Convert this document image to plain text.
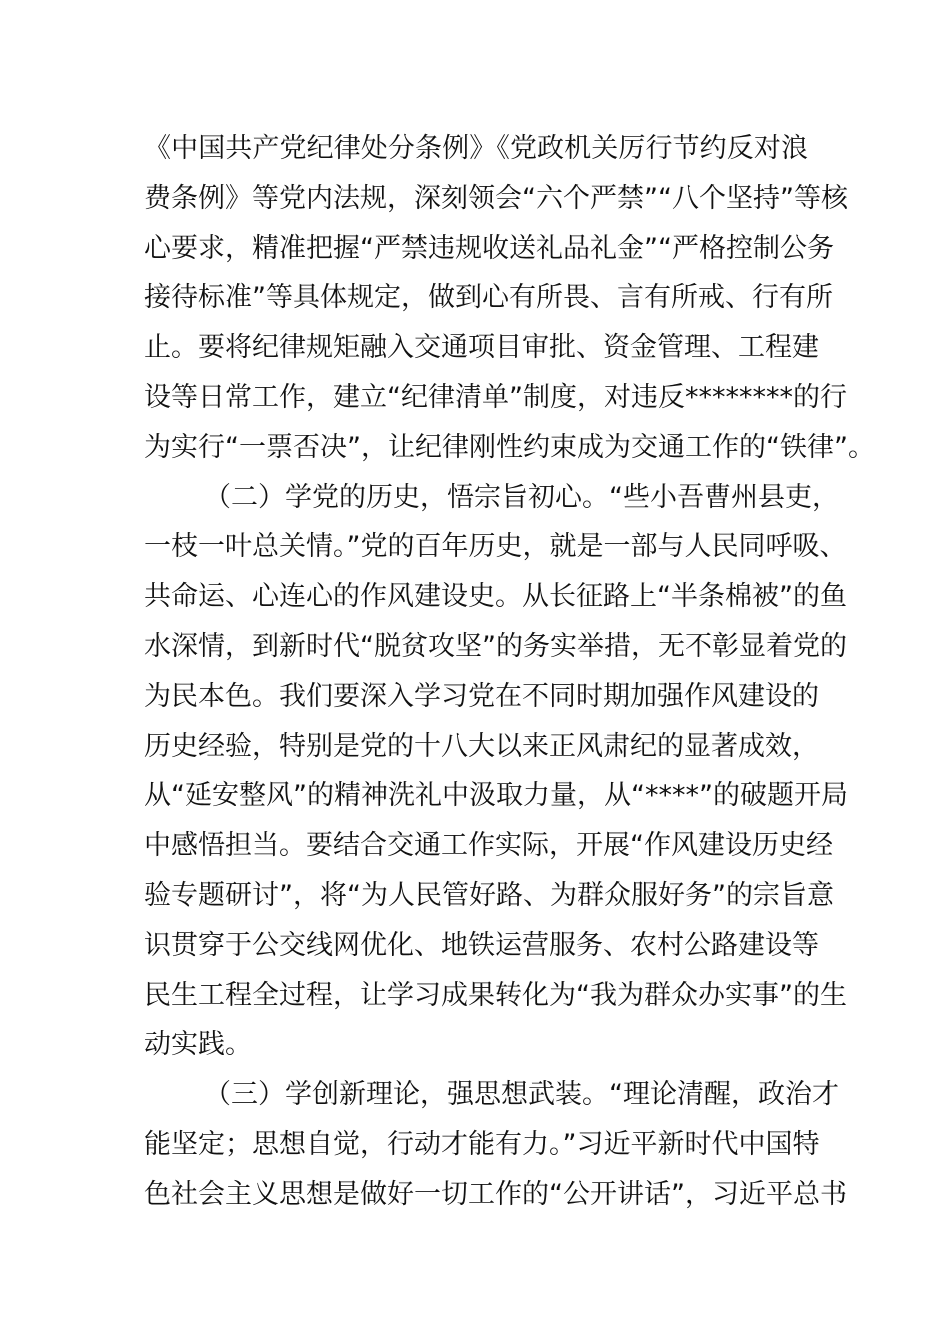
《中国共产党纪律处分条例》《党政机关厉行节约反对浪
费条例》等党内法规，深刻领会“六个严禁”“八个坚持”等核
心要求，精准把握“严禁违规收送礼品礼金”“严格控制公务
接待标准”等具体规定，做到心有所畏、言有所戒、行有所
止。要将纪律规矩融入交通项目审批、资金管理、工程建
设等日常工作，建立“纪律清单”制度，对违反********的行
为实行“一票否决”，让纪律刚性约束成为交通工作的“铁律”。
（二）学党的历史，悟宗旨初心。“些小吾曹州县吏，
一枝一叶总关情。”党的百年历史，就是一部与人民同呼吸、
共命运、心连心的作风建设史。从长征路上“半条棉被”的鱼
水深情，到新时代“脱贫攻坚”的务实举措，无不彰显着党的
为民本色。我们要深入学习党在不同时期加强作风建设的
历史经验，特别是党的十八大以来正风肃纪的显著成效，
从“延安整风”的精神洗礼中汲取力量，从“****”的破题开局
中感悟担当。要结合交通工作实际，开展“作风建设历史经
验专题研讨”，将“为人民管好路、为群众服好务”的宗旨意
识贯穿于公交线网优化、地铁运营服务、农村公路建设等
民生工程全过程，让学习成果转化为“我为群众办实事”的生
动实践。
（三）学创新理论，强思想武装。“理论清醒，政治才
能坚定；思想自觉，行动才能有力。”习近平新时代中国特
色社会主义思想是做好一切工作的“公开讲话”，习近平总书
